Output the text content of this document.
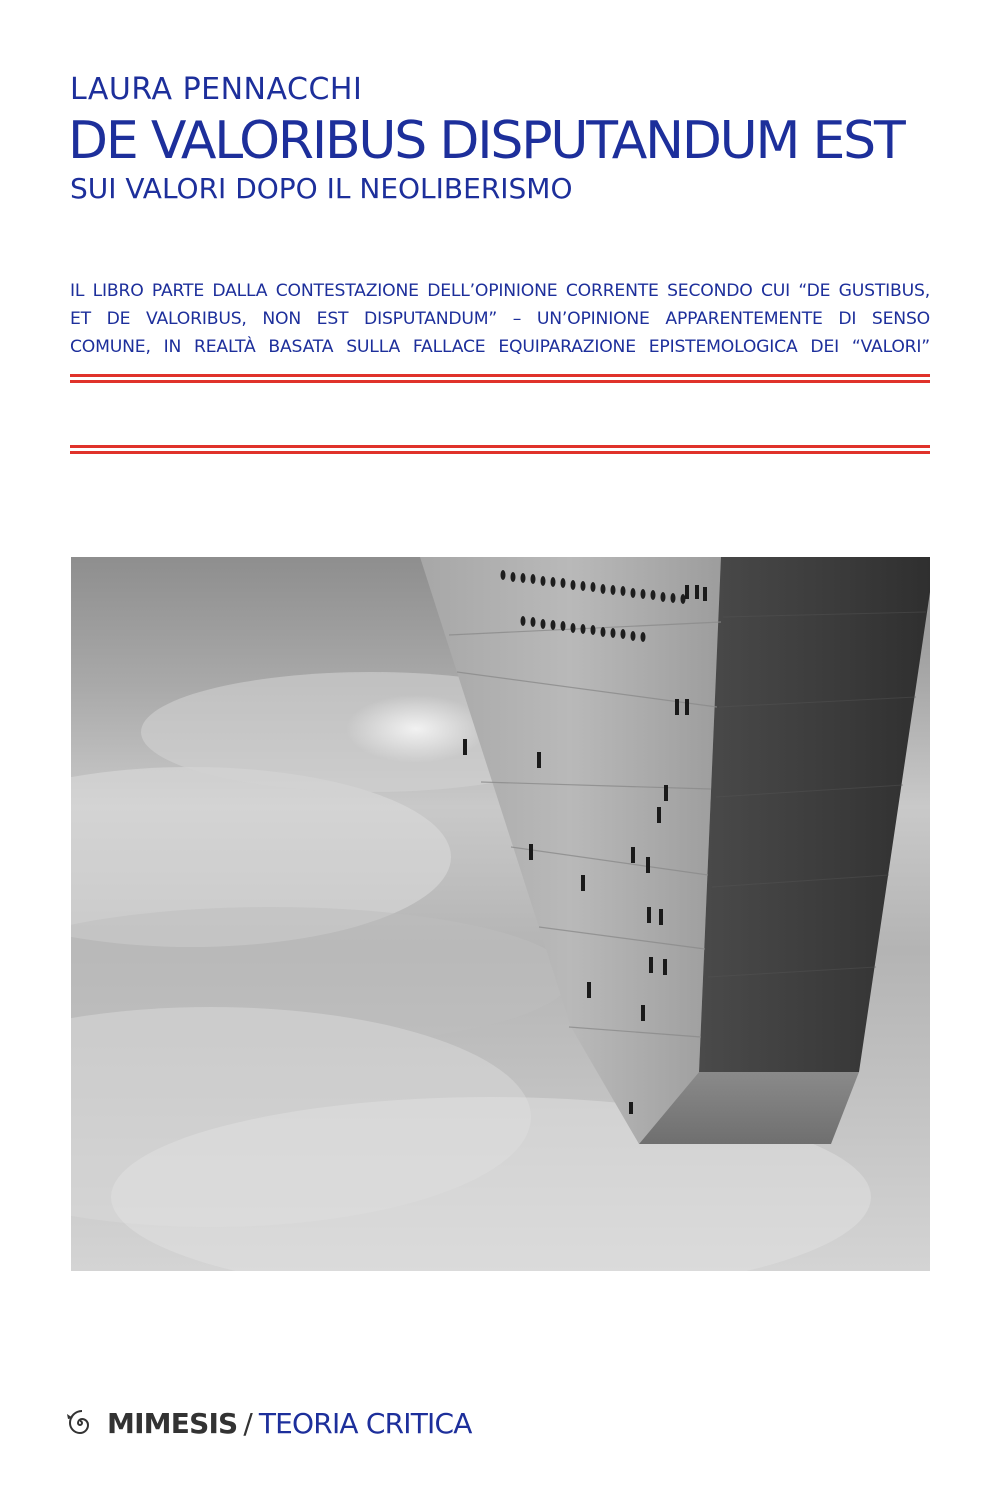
LAURA PENNACCHI
DE VALORIBUS DISPUTANDUM EST
SUI VALORI DOPO IL NEOLIBERISMO
IL LIBRO PARTE DALLA CONTESTAZIONE DELL’OPINIONE CORRENTE SECONDO CUI “DE GUSTIBUS,
ET DE VALORIBUS, NON EST DISPUTANDUM” – UN’OPINIONE APPARENTEMENTE DI SENSO
COMUNE, IN REALTÀ BASATA SULLA FALLACE EQUIPARAZIONE EPISTEMOLOGICA DEI “VALORI”
MIMESIS / TEORIA CRITICA
